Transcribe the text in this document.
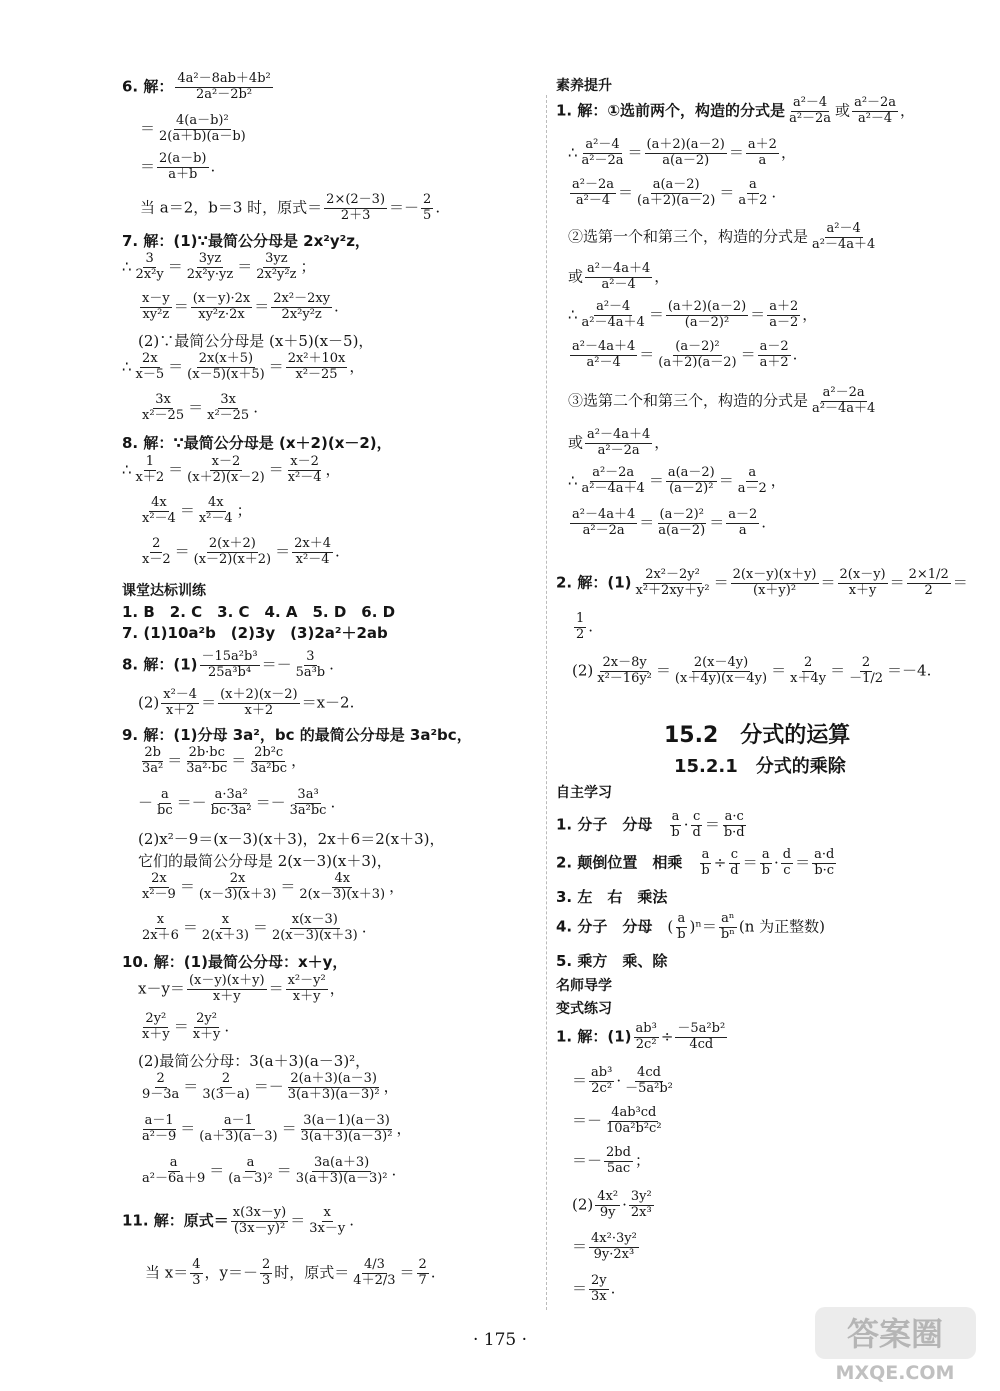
6. 解： $\frac{\text{4a²－8ab＋4b²}}{\text{2a²－2b²}}$
＝ $\frac{\text{4(a－b)²}}{2(a+b)(a-b)}$
＝ $\frac{2(a-b)}{a+b}$ .
当 a＝2，b＝3 时，原式＝ $\frac{2\times(2-3)}{2+3} =- \frac{2}{5}$ .
7. 解：(1)∵最简公分母是 2x²y²z，
∴ $\frac{3}{\text{2x²y}} = \frac{3yz}{\text{2x²y·yz}} = \frac{3yz}{\text{2x²y²z}}$ ；
$\frac{x-y}{\text{xy²z}} = \frac{(x-y)\cdot 2x}{\text{xy²z·2x}} = \frac{\text{2x²－2xy}}{\text{2x²y²z}}$ .
(2)∵最简公分母是 (x＋5)(x－5)，
∴ $\frac{2x}{x-5} = \frac{2x(x+5)}{(x-5)(x+5)} = \frac{\text{2x²＋10x}}{\text{x²－25}}$ ，
$\frac{3x}{\text{x²－25}} = \frac{3x}{\text{x²－25}}$ .
8. 解：∵最简公分母是 (x＋2)(x－2)，
∴ $\frac{1}{x+2} = \frac{x-2}{(x+2)(x-2)} = \frac{x-2}{\text{x²－4}}$ ，
$\frac{4x}{\text{x²－4}} = \frac{4x}{\text{x²－4}}$ ；
$\frac{2}{x-2} = \frac{2(x+2)}{(x-2)(x+2)} = \frac{2x+4}{\text{x²－4}}$ .
课堂达标训练
1. B　2. C　3. C　4. A　5. D　6. D
7. (1)10a²b　(2)3y　(3)2a²＋2ab
8. 解：$(1) \frac{\text{－15a²b³}}{\text{25a³b⁴}} =- \frac{3}{\text{5a³b}}$ .
$(2) \frac{\text{x²－4}}{x+2} = \frac{(x+2)(x-2)}{x+2} =x-2$.
9. 解：(1)分母 3a²，bc 的最简公分母是 3a²bc，
$\frac{2b}{\text{3a²}} = \frac{2b\cdot bc}{\text{3a²·bc}} = \frac{\text{2b²c}}{\text{3a²bc}}$ ，
－ $\frac{a}{bc} =- \frac{\text{a·3a²}}{\text{bc·3a²}} =- \frac{\text{3a³}}{\text{3a²bc}}$ .
(2)x²－9＝(x－3)(x＋3)，2x＋6＝2(x＋3)，
它们的最简公分母是 2(x－3)(x＋3)，
$\frac{2x}{\text{x²－9}} = \frac{2x}{(x-3)(x+3)} = \frac{4x}{2(x-3)(x+3)}$ ，
$\frac{x}{2x+6} = \frac{x}{2(x+3)} = \frac{x(x-3)}{2(x-3)(x+3)}$ .
10. 解：(1)最简公分母：x＋y，
$x-y= \frac{(x-y)(x+y)}{x+y} = \frac{\text{x²－y²}}{x+y}$ ，
$\frac{\text{2y²}}{x+y} = \frac{\text{2y²}}{x+y}$ .
(2)最简公分母：3(a＋3)(a－3)²，
$\frac{2}{9-3a} = \frac{2}{3(3-a)} =- \frac{2(a+3)(a-3)}{\text{3(a＋3)(a－3)²}}$ ，
$\frac{a-1}{\text{a²－9}} = \frac{a-1}{(a+3)(a-3)} = \frac{3(a-1)(a-3)}{\text{3(a＋3)(a－3)²}}$ ，
$\frac{a}{\text{a²－6a＋9}} = \frac{a}{\text{(a－3)²}} = \frac{3a(a+3)}{\text{3(a＋3)(a－3)²}}$ .
11. 解：原式＝ $\frac{x(3x-y)}{\text{(3x－y)²}} = \frac{x}{3x-y}$ .
当 $x= \frac{4}{3}$ ，$y=- \frac{2}{3}$ 时，原式＝ $\frac{4/3}{4+2/3} = \frac{2}{7}$ .
素养提升
1. 解：①选前两个，构造的分式是 $\frac{\text{a²－4}}{\text{a²－2a}}$ 或 $\frac{\text{a²－2a}}{\text{a²－4}}$ ，
∴ $\frac{\text{a²－4}}{\text{a²－2a}} = \frac{(a+2)(a-2)}{a(a-2)} = \frac{a+2}{a}$ ，
$\frac{\text{a²－2a}}{\text{a²－4}} = \frac{a(a-2)}{(a+2)(a-2)} = \frac{a}{a+2}$ .
②选第一个和第三个，构造的分式是 $\frac{\text{a²－4}}{\text{a²－4a＋4}}$
或 $\frac{\text{a²－4a＋4}}{\text{a²－4}}$ ，
∴ $\frac{\text{a²－4}}{\text{a²－4a＋4}} = \frac{(a+2)(a-2)}{\text{(a－2)²}} = \frac{a+2}{a-2}$ ，
$\frac{\text{a²－4a＋4}}{\text{a²－4}} = \frac{\text{(a－2)²}}{(a+2)(a-2)} = \frac{a-2}{a+2}$ .
③选第二个和第三个，构造的分式是 $\frac{\text{a²－2a}}{\text{a²－4a＋4}}$
或 $\frac{\text{a²－4a＋4}}{\text{a²－2a}}$ ，
∴ $\frac{\text{a²－2a}}{\text{a²－4a＋4}} = \frac{a(a-2)}{\text{(a－2)²}} = \frac{a}{a-2}$ ，
$\frac{\text{a²－4a＋4}}{\text{a²－2a}} = \frac{\text{(a－2)²}}{a(a-2)} = \frac{a-2}{a}$ .
2. 解：$(1) \frac{\text{2x²－2y²}}{\text{x²＋2xy＋y²}} = \frac{2(x-y)(x+y)}{\text{(x＋y)²}} = \frac{2(x-y)}{x+y} = \frac{2\times 1/2}{2}$ ＝
$\frac{1}{2}$ .
$(2) \frac{2x-8y}{\text{x²－16y²}} = \frac{2(x-4y)}{(x+4y)(x-4y)} = \frac{2}{x+4y} = \frac{2}{-1/2} =-4$.
15.2　分式的运算
15.2.1　分式的乘除
自主学习
1. 分子　分母　 $\frac{a}{b} \cdot \frac{c}{d} = \frac{a\cdot c}{b\cdot d}$
2. 颠倒位置　相乘　 $\frac{a}{b} \div \frac{c}{d} = \frac{a}{b} \cdot \frac{d}{c} = \frac{a\cdot d}{b\cdot c}$
3. 左　右　乘法
4. 分子　分母　( $\frac{a}{b} )^n= \frac{\text{aⁿ}}{\text{bⁿ}} (n$ 为正整数)
5. 乘方　乘、除
名师导学
变式练习
1. 解：$(1) \frac{\text{ab³}}{\text{2c²}} \div \frac{\text{－5a²b²}}{4cd}$
＝ $\frac{\text{ab³}}{\text{2c²}} \cdot \frac{4cd}{\text{－5a²b²}}$
＝－ $\frac{\text{4ab³cd}}{\text{10a²b²c²}}$
＝－ $\frac{2bd}{5ac}$ ；
$(2) \frac{\text{4x²}}{9y} \cdot \frac{\text{3y²}}{\text{2x³}}$
＝ $\frac{\text{4x²·3y²}}{\text{9y·2x³}}$
＝ $\frac{2y}{3x}$ .
· 175 ·	答案圈
MXQE.COM
